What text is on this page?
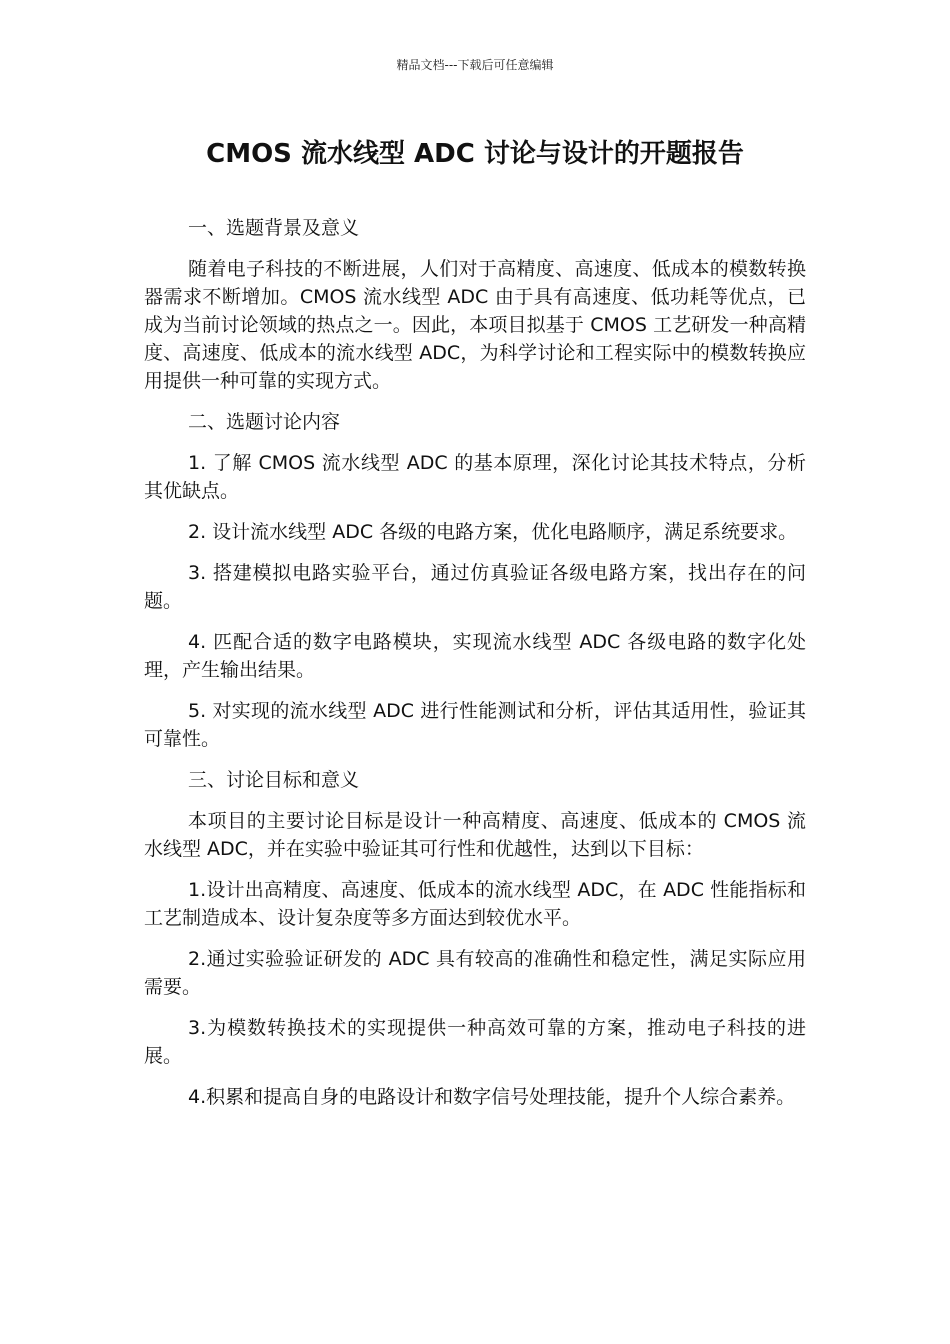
精品文档---下载后可任意编辑
CMOS 流水线型 ADC 讨论与设计的开题报告

一、选题背景及意义

随着电子科技的不断进展，人们对于高精度、高速度、低成本的模数转换器需求不断增加。CMOS 流水线型 ADC 由于具有高速度、低功耗等优点，已成为当前讨论领域的热点之一。因此，本项目拟基于 CMOS 工艺研发一种高精度、高速度、低成本的流水线型 ADC，为科学讨论和工程实际中的模数转换应用提供一种可靠的实现方式。

二、选题讨论内容

1. 了解 CMOS 流水线型 ADC 的基本原理，深化讨论其技术特点，分析其优缺点。

2. 设计流水线型 ADC 各级的电路方案，优化电路顺序，满足系统要求。

3. 搭建模拟电路实验平台，通过仿真验证各级电路方案，找出存在的问题。

4. 匹配合适的数字电路模块，实现流水线型 ADC 各级电路的数字化处理，产生输出结果。

5. 对实现的流水线型 ADC 进行性能测试和分析，评估其适用性，验证其可靠性。

三、讨论目标和意义

本项目的主要讨论目标是设计一种高精度、高速度、低成本的 CMOS 流水线型 ADC，并在实验中验证其可行性和优越性，达到以下目标：

1.设计出高精度、高速度、低成本的流水线型 ADC，在 ADC 性能指标和工艺制造成本、设计复杂度等多方面达到较优水平。

2.通过实验验证研发的 ADC 具有较高的准确性和稳定性，满足实际应用需要。

3.为模数转换技术的实现提供一种高效可靠的方案，推动电子科技的进展。

4.积累和提高自身的电路设计和数字信号处理技能，提升个人综合素养。
